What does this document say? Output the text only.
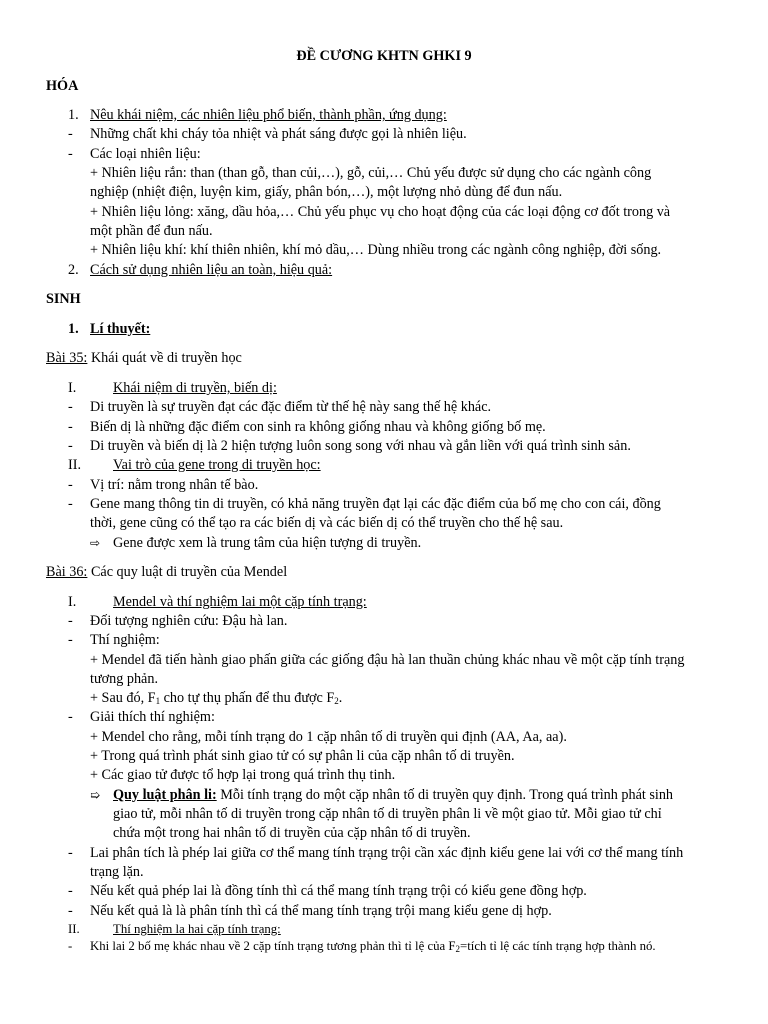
ĐỀ CƯƠNG KHTN GHKI 9
HÓA
1. Nêu khái niệm, các nhiên liệu phổ biến, thành phần, ứng dụng:
- Những chất khi cháy tỏa nhiệt và phát sáng được gọi là nhiên liệu.
- Các loại nhiên liệu:
+ Nhiên liệu rắn: than (than gỗ, than củi,…), gỗ, củi,… Chủ yếu được sử dụng cho các ngành công
nghiệp (nhiệt điện, luyện kim, giấy, phân bón,…), một lượng nhỏ dùng để đun nấu.
+ Nhiên liệu lỏng: xăng, dầu hỏa,… Chủ yếu phục vụ cho hoạt động của các loại động cơ đốt trong và
một phần để đun nấu.
+ Nhiên liệu khí: khí thiên nhiên, khí mỏ dầu,… Dùng nhiều trong các ngành công nghiệp, đời sống.
2. Cách sử dụng nhiên liệu an toàn, hiệu quả:
SINH
1. Lí thuyết:
Bài 35: Khái quát về di truyền học
I.	Khái niệm di truyền, biến dị:
- Di truyền là sự truyền đạt các đặc điểm từ thế hệ này sang thế hệ khác.
- Biến dị là những đặc điểm con sinh ra không giống nhau và không giống bố mẹ.
- Di truyền và biến dị là 2 hiện tượng luôn song song với nhau và gắn liền với quá trình sinh sản.
II. Vai trò của gene trong di truyền học:
- Vị trí: nằm trong nhân tế bào.
- Gene mang thông tin di truyền, có khả năng truyền đạt lại các đặc điểm của bố mẹ cho con cái, đồng
thời, gene cũng có thể tạo ra các biến dị và các biến dị có thể truyền cho thế hệ sau.
⇨ Gene được xem là trung tâm của hiện tượng di truyền.
Bài 36: Các quy luật di truyền của Mendel
I.	Mendel và thí nghiệm lai một cặp tính trạng:
- Đối tượng nghiên cứu: Đậu hà lan.
- Thí nghiệm:
+ Mendel đã tiến hành giao phấn giữa các giống đậu hà lan thuần chủng khác nhau về một cặp tính trạng
tương phản.
+ Sau đó, $F_1$ cho tự thụ phấn để thu được $F_2$.
- Giải thích thí nghiệm:
+ Mendel cho rằng, mỗi tính trạng do 1 cặp nhân tố di truyền qui định (AA, Aa, aa).
+ Trong quá trình phát sinh giao tử có sự phân li của cặp nhân tố di truyền.
+ Các giao tử được tổ hợp lại trong quá trình thụ tinh.
➯ Quy luật phân li: Mỗi tính trạng do một cặp nhân tố di truyền quy định. Trong quá trình phát sinh
giao tử, mỗi nhân tố di truyền trong cặp nhân tố di truyền phân li về một giao tử. Mỗi giao tử chỉ
chứa một trong hai nhân tố di truyền của cặp nhân tố di truyền.
- Lai phân tích là phép lai giữa cơ thể mang tính trạng trội cần xác định kiểu gene lai với cơ thể mang tính
trạng lặn.
- Nếu kết quả phép lai là đồng tính thì cá thể mang tính trạng trội có kiểu gene đồng hợp.
- Nếu kết quả là là phân tính thì cá thể mang tính trạng trội mang kiểu gene dị hợp.
II.	Thí nghiệm la hai cặp tính trạng:
- Khi lai 2 bố mẹ khác nhau về 2 cặp tính trạng tương phản thì tỉ lệ của $F_2=tích$ tỉ lệ các tính trạng hợp thành nó.
